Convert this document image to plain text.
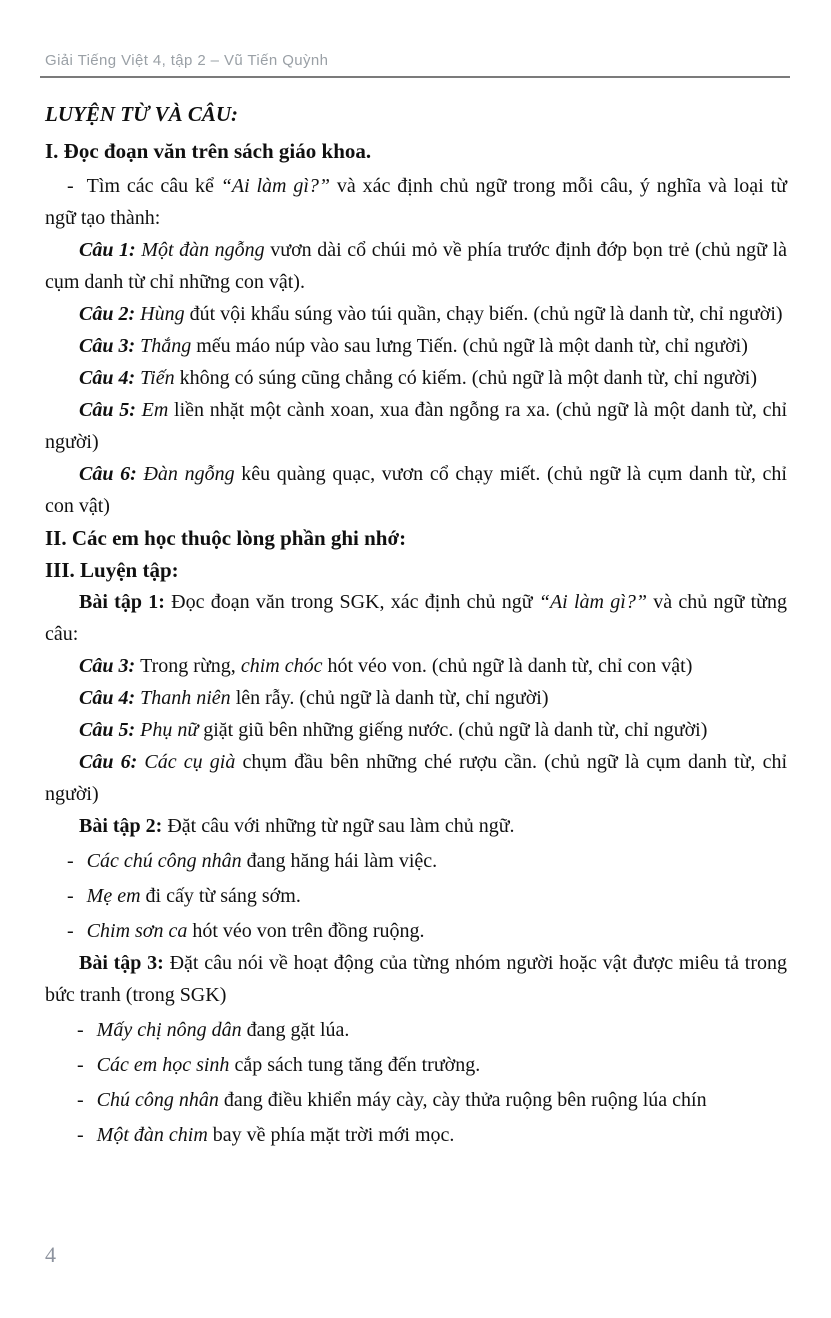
Giải Tiếng Việt 4, tập 2 – Vũ Tiến Quỳnh
LUYỆN TỪ VÀ CÂU:

I. Đọc đoạn văn trên sách giáo khoa.

- Tìm các câu kể “Ai làm gì?” và xác định chủ ngữ trong mỗi câu, ý nghĩa và loại từ ngữ tạo thành:

Câu 1: Một đàn ngỗng vươn dài cổ chúi mỏ về phía trước định đớp bọn trẻ (chủ ngữ là cụm danh từ chỉ những con vật).

Câu 2: Hùng đút vội khẩu súng vào túi quần, chạy biến. (chủ ngữ là danh từ, chỉ người)

Câu 3: Thắng mếu máo núp vào sau lưng Tiến. (chủ ngữ là một danh từ, chỉ người)

Câu 4: Tiến không có súng cũng chẳng có kiếm. (chủ ngữ là một danh từ, chỉ người)

Câu 5: Em liền nhặt một cành xoan, xua đàn ngỗng ra xa. (chủ ngữ là một danh từ, chỉ người)

Câu 6: Đàn ngỗng kêu quàng quạc, vươn cổ chạy miết. (chủ ngữ là cụm danh từ, chỉ con vật)

II. Các em học thuộc lòng phần ghi nhớ:

III. Luyện tập:

Bài tập 1: Đọc đoạn văn trong SGK, xác định chủ ngữ “Ai làm gì?” và chủ ngữ từng câu:

Câu 3: Trong rừng, chim chóc hót véo von. (chủ ngữ là danh từ, chỉ con vật)

Câu 4: Thanh niên lên rẫy. (chủ ngữ là danh từ, chỉ người)

Câu 5: Phụ nữ giặt giũ bên những giếng nước. (chủ ngữ là danh từ, chỉ người)

Câu 6: Các cụ già chụm đầu bên những ché rượu cần. (chủ ngữ là cụm danh từ, chỉ người)

Bài tập 2: Đặt câu với những từ ngữ sau làm chủ ngữ.

- Các chú công nhân đang hăng hái làm việc.

- Mẹ em đi cấy từ sáng sớm.

- Chim sơn ca hót véo von trên đồng ruộng.

Bài tập 3: Đặt câu nói về hoạt động của từng nhóm người hoặc vật được miêu tả trong bức tranh (trong SGK)

- Mấy chị nông dân đang gặt lúa.

- Các em học sinh cắp sách tung tăng đến trường.

- Chú công nhân đang điều khiển máy cày, cày thửa ruộng bên ruộng lúa chín

- Một đàn chim bay về phía mặt trời mới mọc.

4
